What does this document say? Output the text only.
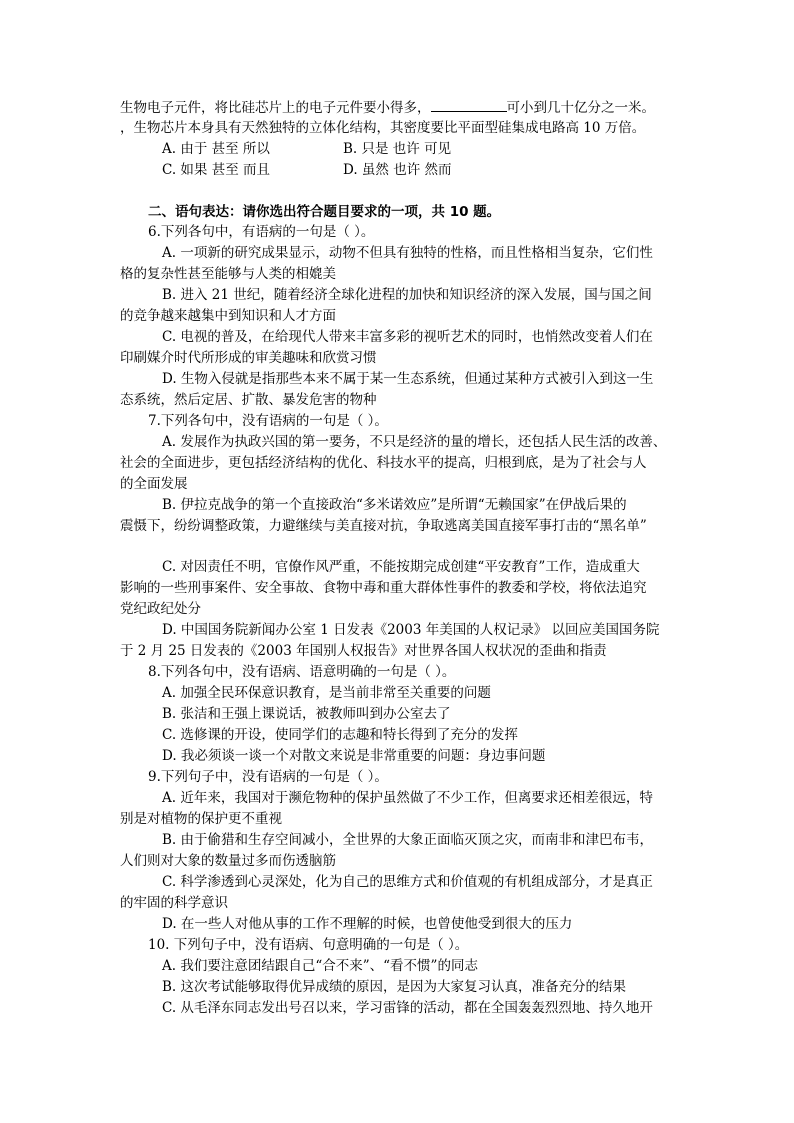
生物电子元件，将比硅芯片上的电子元件要小得多，	可小到几十亿分之一米。
，生物芯片本身具有天然独特的立体化结构，其密度要比平面型硅集成电路高 10 万倍。
A. 由于 甚至 所以	B. 只是 也许 可见
C. 如果 甚至 而且	D. 虽然 也许 然而
二、语句表达：请你选出符合题目要求的一项，共 10 题。
6.下列各句中，有语病的一句是（ ）。
A. 一项新的研究成果显示，动物不但具有独特的性格，而且性格相当复杂，它们性
格的复杂性甚至能够与人类的相媲美
B. 进入 21 世纪，随着经济全球化进程的加快和知识经济的深入发展，国与国之间
的竞争越来越集中到知识和人才方面
C. 电视的普及，在给现代人带来丰富多彩的视听艺术的同时，也悄然改变着人们在
印刷媒介时代所形成的审美趣味和欣赏习惯
D. 生物入侵就是指那些本来不属于某一生态系统，但通过某种方式被引入到这一生
态系统，然后定居、扩散、暴发危害的物种
7.下列各句中，没有语病的一句是（ ）。
A. 发展作为执政兴国的第一要务，不只是经济的量的增长，还包括人民生活的改善、
社会的全面进步，更包括经济结构的优化、科技水平的提高，归根到底，是为了社会与人
的全面发展
B. 伊拉克战争的第一个直接政治“多米诺效应”是所谓“无赖国家”在伊战后果的
震慑下，纷纷调整政策，力避继续与美直接对抗，争取逃离美国直接军事打击的“黑名单”
C. 对因责任不明，官僚作风严重，不能按期完成创建“平安教育”工作，造成重大
影响的一些刑事案件、安全事故、食物中毒和重大群体性事件的教委和学校，将依法追究
党纪政纪处分
D. 中国国务院新闻办公室 1 日发表《2003 年美国的人权记录》 以回应美国国务院
于 2 月 25 日发表的《2003 年国别人权报告》对世界各国人权状况的歪曲和指责
8.下列各句中，没有语病、语意明确的一句是（ ）。
A. 加强全民环保意识教育，是当前非常至关重要的问题
B. 张洁和王强上课说话，被教师叫到办公室去了
C. 选修课的开设，使同学们的志趣和特长得到了充分的发挥
D. 我必须谈一谈一个对散文来说是非常重要的问题：身边事问题
9.下列句子中，没有语病的一句是（ ）。
A. 近年来，我国对于濒危物种的保护虽然做了不少工作，但离要求还相差很远，特
别是对植物的保护更不重视
B. 由于偷猎和生存空间减小，全世界的大象正面临灭顶之灾，而南非和津巴布韦，
人们则对大象的数量过多而伤透脑筋
C. 科学渗透到心灵深处，化为自己的思维方式和价值观的有机组成部分，才是真正
的牢固的科学意识
D. 在一些人对他从事的工作不理解的时候，也曾使他受到很大的压力
10. 下列句子中，没有语病、句意明确的一句是（ ）。
A. 我们要注意团结跟自己“合不来”、“看不惯”的同志
B. 这次考试能够取得优异成绩的原因，是因为大家复习认真，准备充分的结果
C. 从毛泽东同志发出号召以来，学习雷锋的活动，都在全国轰轰烈烈地、持久地开
